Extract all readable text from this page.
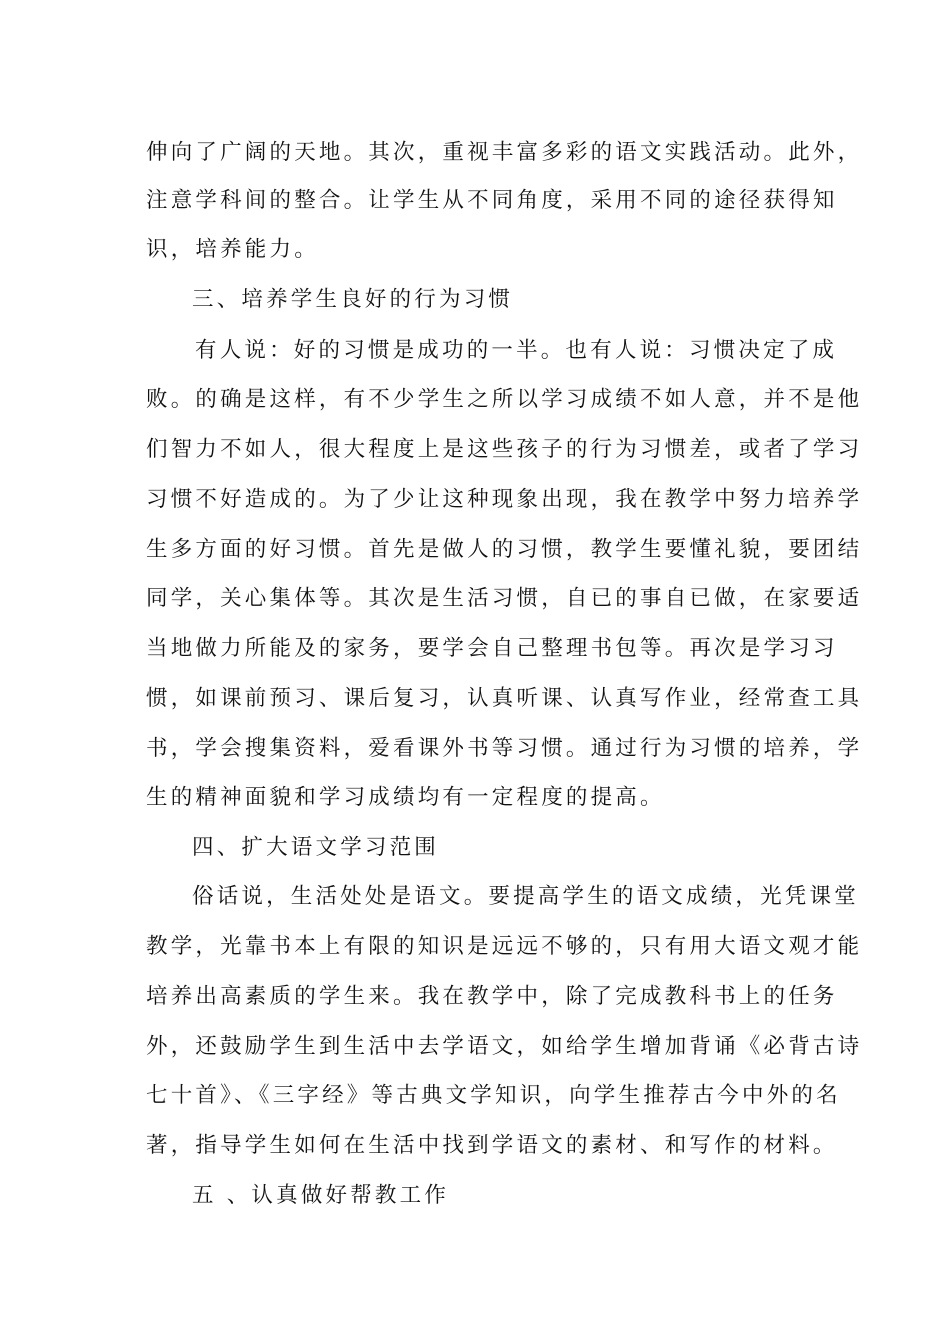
伸向了广阔的天地。其次，重视丰富多彩的语文实践活动。此外，
注意学科间的整合。让学生从不同角度，采用不同的途径获得知
识，培养能力。
三、培养学生良好的行为习惯
有人说：好的习惯是成功的一半。也有人说：习惯决定了成
败。的确是这样，有不少学生之所以学习成绩不如人意，并不是他
们智力不如人，很大程度上是这些孩子的行为习惯差，或者了学习
习惯不好造成的。为了少让这种现象出现，我在教学中努力培养学
生多方面的好习惯。首先是做人的习惯，教学生要懂礼貌，要团结
同学，关心集体等。其次是生活习惯，自已的事自已做，在家要适
当地做力所能及的家务，要学会自己整理书包等。再次是学习习
惯，如课前预习、课后复习，认真听课、认真写作业，经常查工具
书，学会搜集资料，爱看课外书等习惯。通过行为习惯的培养，学
生的精神面貌和学习成绩均有一定程度的提高。
四、扩大语文学习范围
俗话说，生活处处是语文。要提高学生的语文成绩，光凭课堂
教学，光靠书本上有限的知识是远远不够的，只有用大语文观才能
培养出高素质的学生来。我在教学中，除了完成教科书上的任务
外，还鼓励学生到生活中去学语文，如给学生增加背诵《必背古诗
七十首》、《三字经》等古典文学知识，向学生推荐古今中外的名
著，指导学生如何在生活中找到学语文的素材、和写作的材料。
五 、认真做好帮教工作
